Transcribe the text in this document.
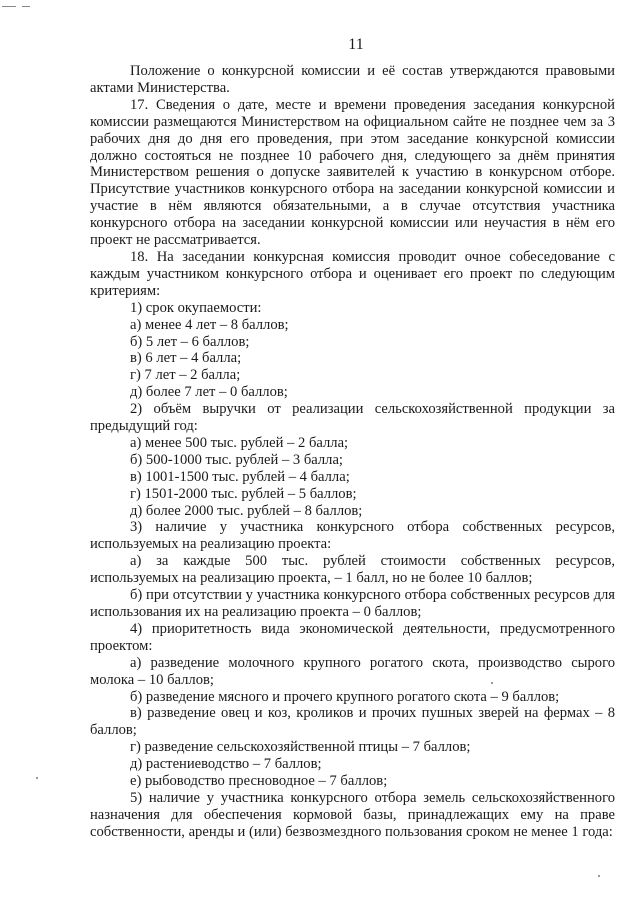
11

Положение о конкурсной комиссии и её состав утверждаются правовыми актами Министерства.

17. Сведения о дате, месте и времени проведения заседания конкурсной комиссии размещаются Министерством на официальном сайте не позднее чем за 3 рабочих дня до дня его проведения, при этом заседание конкурсной комиссии должно состояться не позднее 10 рабочего дня, следующего за днём принятия Министерством решения о допуске заявителей к участию в конкурсном отборе. Присутствие участников конкурсного отбора на заседании конкурсной комиссии и участие в нём являются обязательными, а в случае отсутствия участника конкурсного отбора на заседании конкурсной комиссии или неучастия в нём его проект не рассматривается.

18. На заседании конкурсная комиссия проводит очное собеседование с каждым участником конкурсного отбора и оценивает его проект по следующим критериям:

1) срок окупаемости:

а) менее 4 лет – 8 баллов;

б) 5 лет – 6 баллов;

в) 6 лет – 4 балла;

г) 7 лет – 2 балла;

д) более 7 лет – 0 баллов;

2) объём выручки от реализации сельскохозяйственной продукции за предыдущий год:

а) менее 500 тыс. рублей – 2 балла;

б) 500-1000 тыс. рублей – 3 балла;

в) 1001-1500 тыс. рублей – 4 балла;

г) 1501-2000 тыс. рублей – 5 баллов;

д) более 2000 тыс. рублей – 8 баллов;

3) наличие у участника конкурсного отбора собственных ресурсов, используемых на реализацию проекта:

а) за каждые 500 тыс. рублей стоимости собственных ресурсов, используемых на реализацию проекта, – 1 балл, но не более 10 баллов;

б) при отсутствии у участника конкурсного отбора собственных ресурсов для использования их на реализацию проекта – 0 баллов;

4) приоритетность вида экономической деятельности, предусмотренного проектом:

а) разведение молочного крупного рогатого скота, производство сырого молока – 10 баллов;

б) разведение мясного и прочего крупного рогатого скота – 9 баллов;

в) разведение овец и коз, кроликов и прочих пушных зверей на фермах – 8 баллов;

г) разведение сельскохозяйственной птицы – 7 баллов;

д) растениеводство – 7 баллов;

е) рыбоводство пресноводное – 7 баллов;

5) наличие у участника конкурсного отбора земель сельскохозяйственного назначения для обеспечения кормовой базы, принадлежащих ему на праве собственности, аренды и (или) безвозмездного пользования сроком не менее 1 года:
